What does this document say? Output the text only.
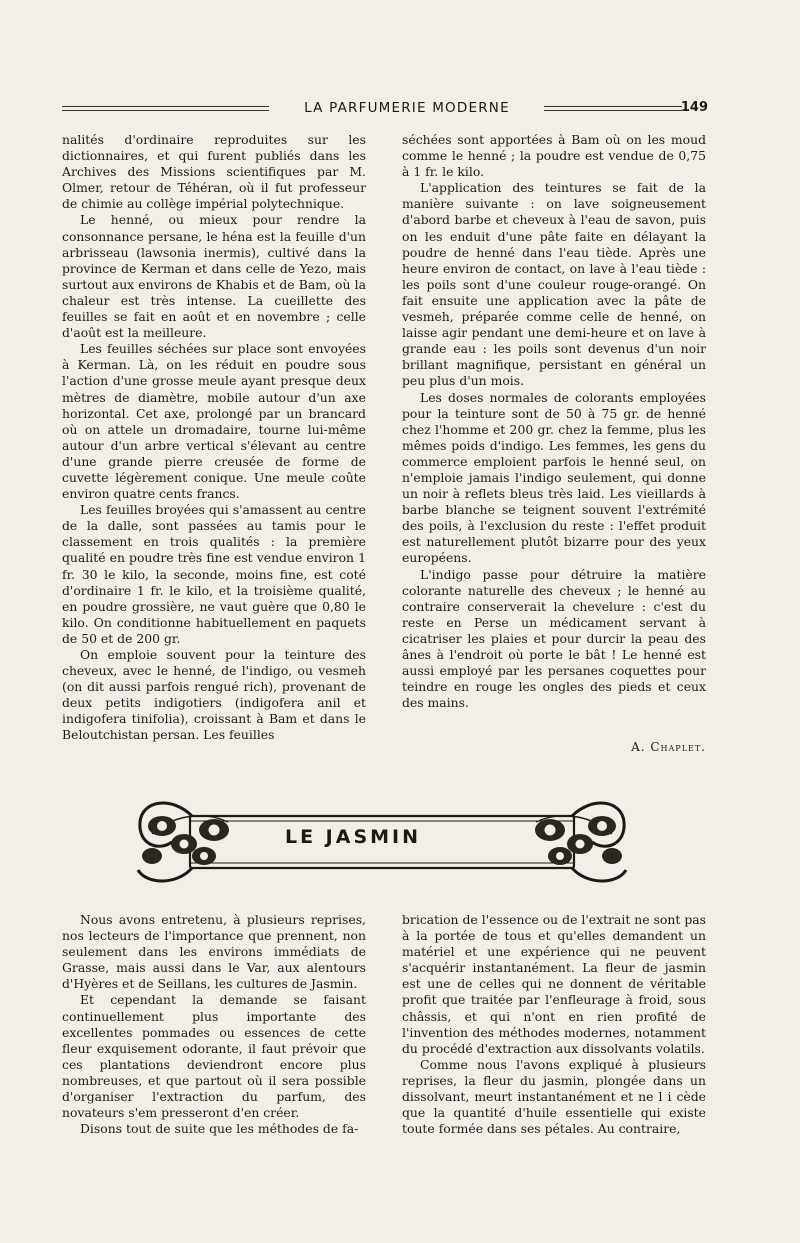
LA PARFUMERIE MODERNE	149

nalités d'ordinaire reproduites sur les dictionnaires, et qui furent publiés dans les Archives des Missions scientifiques par M. Olmer, retour de Téhéran, où il fut professeur de chimie au collège impérial polytechnique.

Le henné, ou mieux pour rendre la consonnance persane, le héna est la feuille d'un arbrisseau (lawsonia inermis), cultivé dans la province de Kerman et dans celle de Yezo, mais surtout aux environs de Khabis et de Bam, où la chaleur est très intense. La cueillette des feuilles se fait en août et en novembre ; celle d'août est la meilleure.

Les feuilles séchées sur place sont envoyées à Kerman. Là, on les réduit en poudre sous l'action d'une grosse meule ayant presque deux mètres de diamètre, mobile autour d'un axe horizontal. Cet axe, prolongé par un brancard où on attele un dromadaire, tourne lui-même autour d'un arbre vertical s'élevant au centre d'une grande pierre creusée de forme de cuvette légèrement conique. Une meule coûte environ quatre cents francs.

Les feuilles broyées qui s'amassent au centre de la dalle, sont passées au tamis pour le classement en trois qualités : la première qualité en poudre très fine est vendue environ 1 fr. 30 le kilo, la seconde, moins fine, est coté d'ordinaire 1 fr. le kilo, et la troisième qualité, en poudre grossière, ne vaut guère que 0,80 le kilo. On conditionne habituellement en paquets de 50 et de 200 gr.

On emploie souvent pour la teinture des cheveux, avec le henné, de l'indigo, ou vesmeh (on dit aussi parfois rengué rich), provenant de deux petits indigotiers (indigofera anil et indigofera tinifolia), croissant à Bam et dans le Beloutchistan persan. Les feuilles

séchées sont apportées à Bam où on les moud comme le henné ; la poudre est vendue de 0,75 à 1 fr. le kilo.

L'application des teintures se fait de la manière suivante : on lave soigneusement d'abord barbe et cheveux à l'eau de savon, puis on les enduit d'une pâte faite en délayant la poudre de henné dans l'eau tiède. Après une heure environ de contact, on lave à l'eau tiède : les poils sont d'une couleur rouge-orangé. On fait ensuite une application avec la pâte de vesmeh, préparée comme celle de henné, on laisse agir pendant une demi-heure et on lave à grande eau : les poils sont devenus d'un noir brillant magnifique, persistant en général un peu plus d'un mois.

Les doses normales de colorants employées pour la teinture sont de 50 à 75 gr. de henné chez l'homme et 200 gr. chez la femme, plus les mêmes poids d'indigo. Les femmes, les gens du commerce emploient parfois le henné seul, on n'emploie jamais l'indigo seulement, qui donne un noir à reflets bleus très laid. Les vieillards à barbe blanche se teignent souvent l'extrémité des poils, à l'exclusion du reste : l'effet produit est naturellement plutôt bizarre pour des yeux européens.

L'indigo passe pour détruire la matière colorante naturelle des cheveux ; le henné au contraire conserverait la chevelure : c'est du reste en Perse un médicament servant à cicatriser les plaies et pour durcir la peau des ânes à l'endroit où porte le bât ! Le henné est aussi employé par les persanes coquettes pour teindre en rouge les ongles des pieds et ceux des mains.

A. Chaplet.
LE JASMIN

Nous avons entretenu, à plusieurs reprises, nos lecteurs de l'importance que prennent, non seulement dans les environs immédiats de Grasse, mais aussi dans le Var, aux alentours d'Hyères et de Seillans, les cultures de Jasmin.

Et cependant la demande se faisant continuellement plus importante des excellentes pommades ou essences de cette fleur exquisement odorante, il faut prévoir que ces plantations deviendront encore plus nombreuses, et que partout où il sera possible d'organiser l'extraction du parfum, des novateurs s'em presseront d'en créer.

Disons tout de suite que les méthodes de fa-

brication de l'essence ou de l'extrait ne sont pas à la portée de tous et qu'elles demandent un matériel et une expérience qui ne peuvent s'acquérir instantanément. La fleur de jasmin est une de celles qui ne donnent de véritable profit que traitée par l'enfleurage à froid, sous châssis, et qui n'ont en rien profité de l'invention des méthodes modernes, notamment du procédé d'extraction aux dissolvants volatils.

Comme nous l'avons expliqué à plusieurs reprises, la fleur du jasmin, plongée dans un dissolvant, meurt instantanément et ne l i cède que la quantité d'huile essentielle qui existe toute formée dans ses pétales. Au contraire,
